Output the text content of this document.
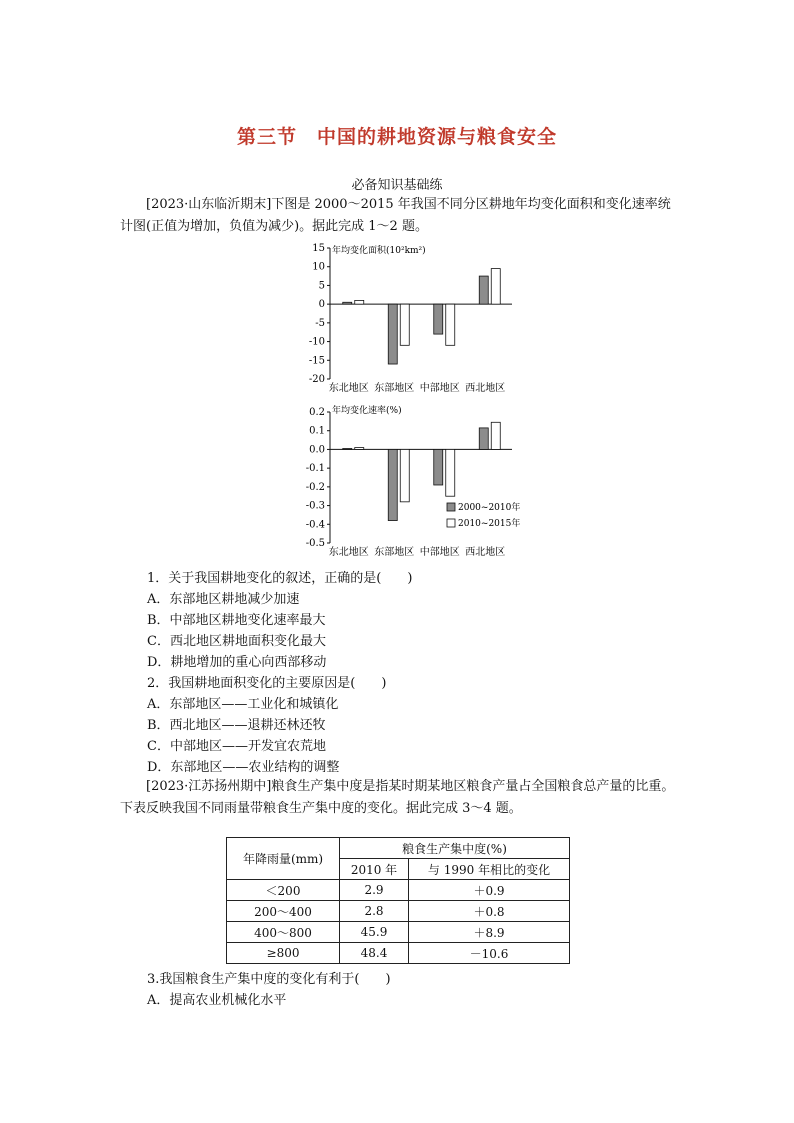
第三节　中国的耕地资源与粮食安全
必备知识基础练
[2023·山东临沂期末]下图是 2000～2015 年我国不同分区耕地年均变化面积和变化速率统计图(正值为增加，负值为减少)。据此完成 1～2 题。
年均变化面积(10²km²)
15
10
5
0
-5
-10
-15
-20
东北地区 东部地区 中部地区 西北地区
年均变化速率(%)
0.2
0.1
0.0
-0.1
-0.2
-0.3
-0.4
-0.5
东北地区 东部地区 中部地区 西北地区
2000~2010年
2010~2015年
1．关于我国耕地变化的叙述，正确的是(　　)
A．东部地区耕地减少加速
B．中部地区耕地变化速率最大
C．西北地区耕地面积变化最大
D．耕地增加的重心向西部移动
2．我国耕地面积变化的主要原因是(　　)
A．东部地区——工业化和城镇化
B．西北地区——退耕还林还牧
C．中部地区——开发宜农荒地
D．东部地区——农业结构的调整
[2023·江苏扬州期中]粮食生产集中度是指某时期某地区粮食产量占全国粮食总产量的比重。下表反映我国不同雨量带粮食生产集中度的变化。据此完成 3～4 题。
年降雨量(mm)	粮食生产集中度(%)	
	2010 年	与 1990 年相比的变化
＜200	2.9	＋0.9
200～400	2.8	＋0.8
400～800	45.9	＋8.9
≥800	48.4	－10.6
3.我国粮食生产集中度的变化有利于(　　)
A．提高农业机械化水平
